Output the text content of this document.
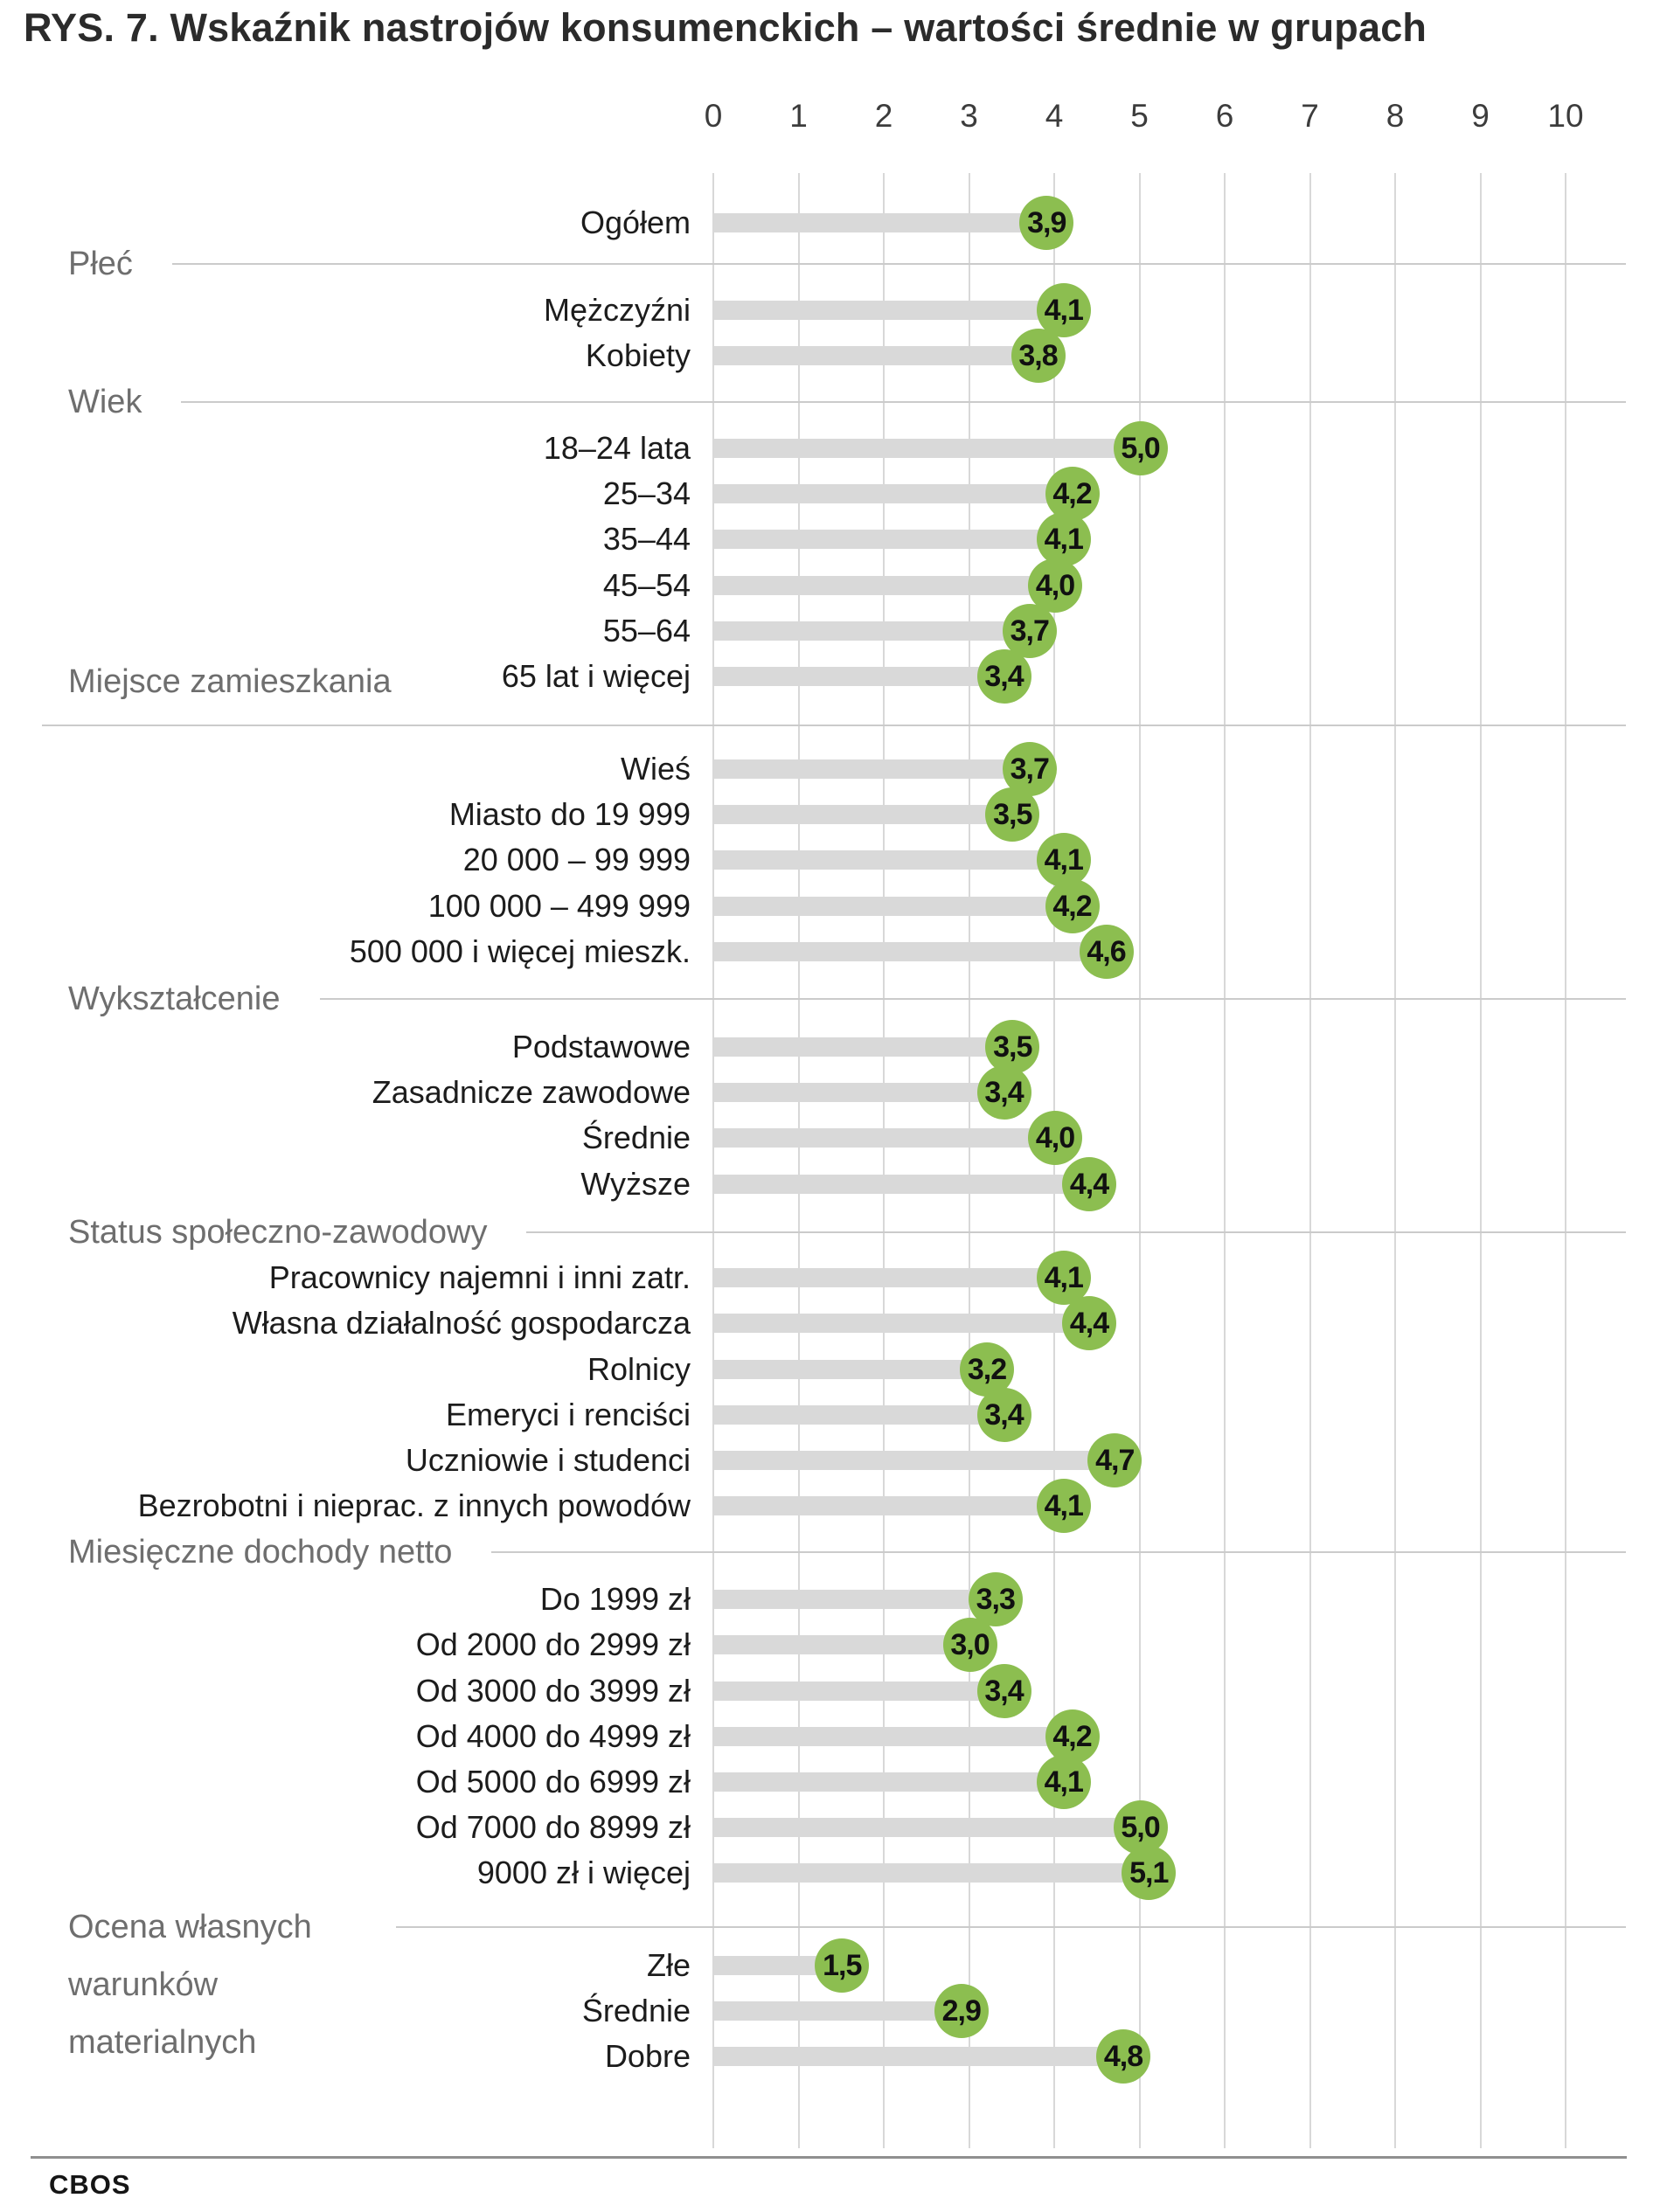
RYS. 7. Wskaźnik nastrojów konsumenckich – wartości średnie w grupach
0 1 2 3 4 5 6 7 8 9 10
Ogółem	3,9
Płeć
Mężczyźni	4,1
Kobiety	3,8
Wiek
18–24 lata	5,0
25–34	4,2
35–44	4,1
45–54	4,0
55–64	3,7
65 lat i więcej	3,4
Miejsce zamieszkania
Wieś	3,7
Miasto do 19 999	3,5
20 000 – 99 999	4,1
100 000 – 499 999	4,2
500 000 i więcej mieszk.	4,6
Wykształcenie
Podstawowe	3,5
Zasadnicze zawodowe	3,4
Średnie	4,0
Wyższe	4,4
Status społeczno-zawodowy
Pracownicy najemni i inni zatr.	4,1
Własna działalność gospodarcza	4,4
Rolnicy	3,2
Emeryci i renciści	3,4
Uczniowie i studenci	4,7
Bezrobotni i nieprac. z innych powodów	4,1
Miesięczne dochody netto
Do 1999 zł	3,3
Od 2000 do 2999 zł	3,0
Od 3000 do 3999 zł	3,4
Od 4000 do 4999 zł	4,2
Od 5000 do 6999 zł	4,1
Od 7000 do 8999 zł	5,0
9000 zł i więcej	5,1
Ocena własnych warunków materialnych
Złe	1,5
Średnie	2,9
Dobre	4,8
CBOS
